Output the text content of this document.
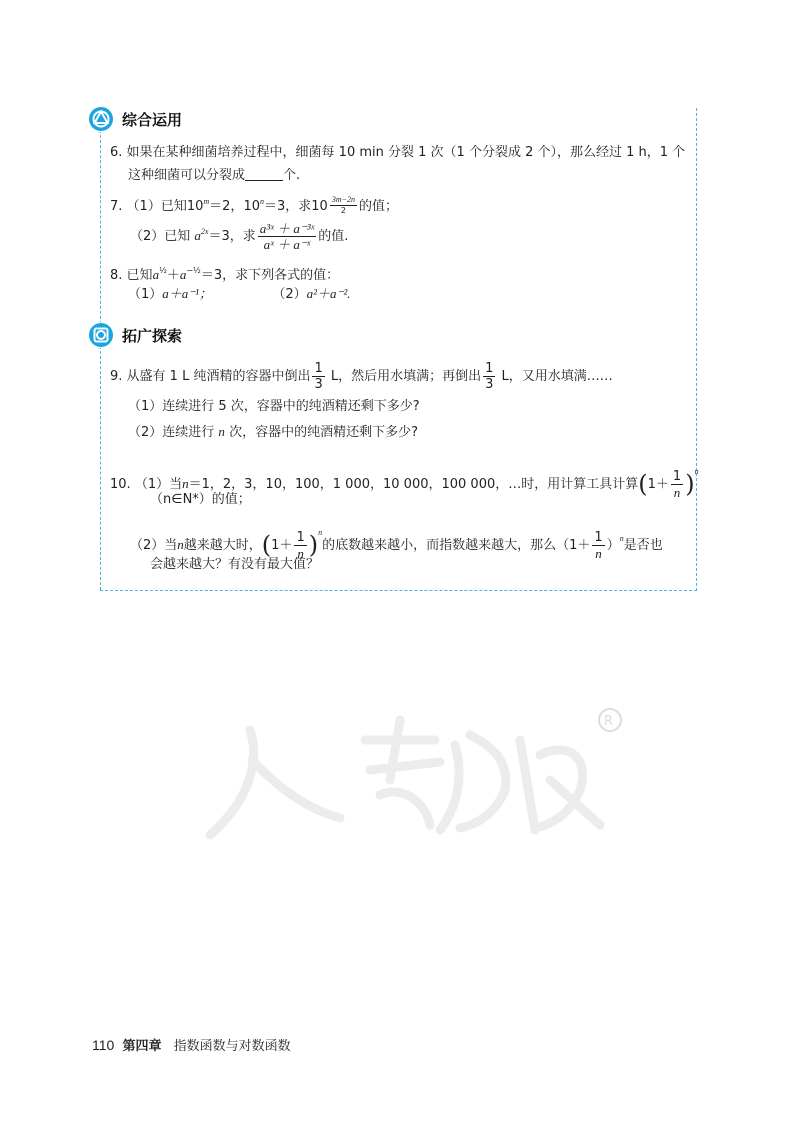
综合运用
6. 如果在某种细菌培养过程中，细菌每 10 min 分裂 1 次（1 个分裂成 2 个），那么经过 1 h，1 个
这种细菌可以分裂成	个.
7. （1）已知$10^m=2$，$10^n=3$，求$10 \frac{3m-2n}{2}$ 的值；
（2）已知 $a^{2x}=3$，求 $\frac{\text{a³ˣ ＋ a⁻³ˣ}}{\text{aˣ ＋ a⁻ˣ}}$ 的值.
8. 已知$a^{\frac{1}{2}}+a^{-\frac{1}{2}}=3$，求下列各式的值：
（1）a＋a⁻¹；	（2）a²＋a⁻².
拓广探索
9. 从盛有 1 L 纯酒精的容器中倒出 $\frac{1}{3}$ L，然后用水填满；再倒出 $\frac{1}{3}$ L，又用水填满……
（1）连续进行 5 次，容器中的纯酒精还剩下多少?
（2）连续进行 n 次，容器中的纯酒精还剩下多少?
10. （1）当n＝1，2，3，10，100，1 000，10 000，100 000，…时，用计算工具计算$(1+ \frac{1}{n} )^n$
（n∈N*）的值；
（2）当n越来越大时，$(1+ \frac{1}{n} )^n$的底数越来越小，而指数越来越大，那么$(1+ \frac{1}{n} )^n$是否也
会越来越大？有没有最大值？
R
110 第四章 指数函数与对数函数
